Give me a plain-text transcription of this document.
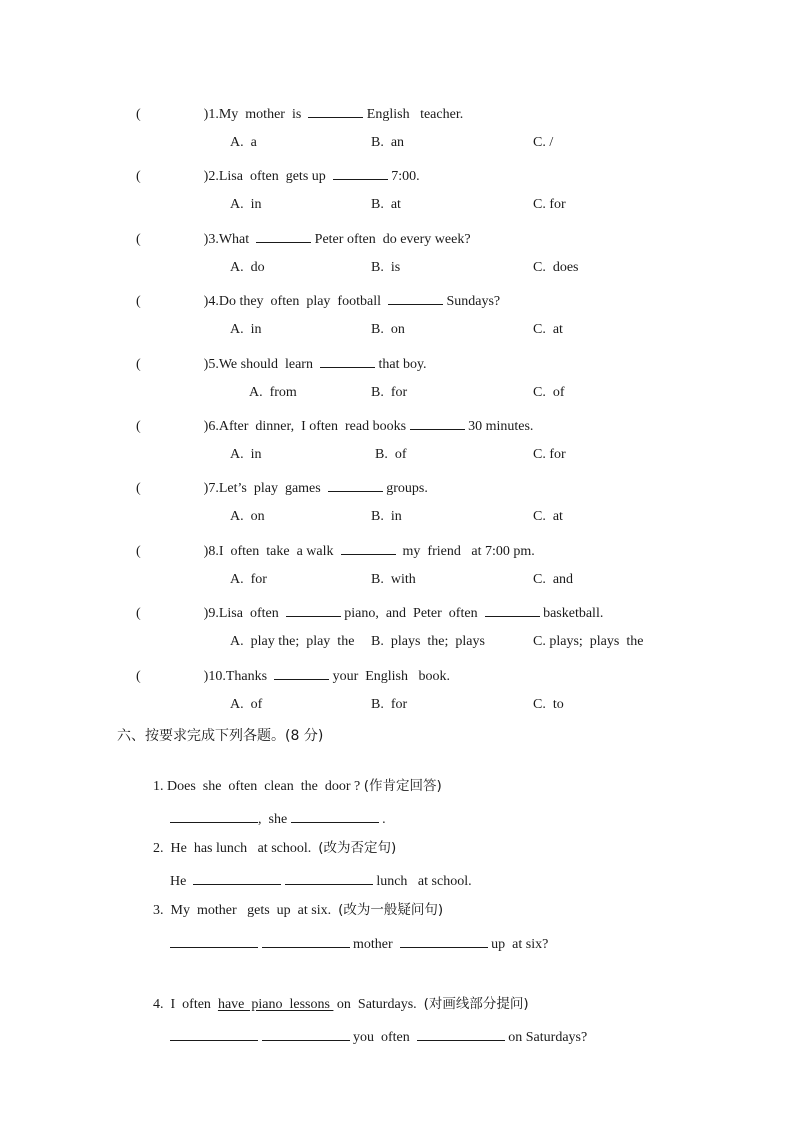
(	)1.My  mother  is	English   teacher.
A.  a	B.  an	C. /
(	)2.Lisa  often  gets up	7:00.
A.  in	B.  at	C. for
(	)3.What	Peter often  do every week?
A.  do	B.  is	C.  does
(	)4.Do they  often  play  football	Sundays?
A.  in	B.  on	C.  at
(	)5.We should  learn	that boy.
A.  from	B.  for	C.  of
(	)6.After  dinner,  I often  read books	30 minutes.
A.  in	B.  of	C. for
(	)7.Let’s  play  games	groups.
A.  on	B.  in	C.  at
(	)8.I  often  take  a walk	my  friend   at 7:00 pm.
A.  for	B.  with	C.  and
(	)9.Lisa  often	piano,  and  Peter  often	basketball.
A.  play the;  play  the B.  plays  the;  plays	C. plays;  plays  the
(	)10.Thanks	your  English   book.
A.  of	B.  for	C.  to
六、按要求完成下列各题。(8 分)

1. Does  she  often  clean  the  door ? (作肯定回答)

,  she	.

2.  He  has lunch   at school.  (改为否定句)

He	lunch   at school.

3.  My  mother   gets  up  at six.  (改为一般疑问句)

mother	up  at six?

4.  I  often  have  piano  lessons  on  Saturdays.  (对画线部分提问)

you  often	on Saturdays?
